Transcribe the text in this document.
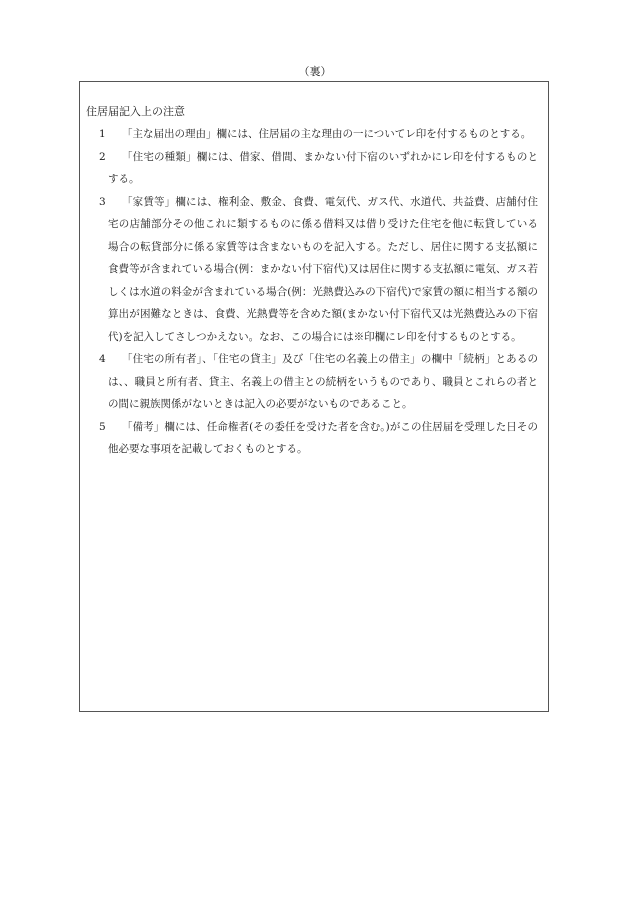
（裏）
住居届記入上の注意
1	「主な届出の理由」欄には、住居届の主な理由の一についてレ印を付するものとする。
2	「住宅の種類」欄には、借家、借間、まかない付下宿のいずれかにレ印を付するものとする。
3	「家賃等」欄には、権利金、敷金、食費、電気代、ガス代、水道代、共益費、店舗付住宅の店舗部分その他これに類するものに係る借料又は借り受けた住宅を他に転貸している場合の転貸部分に係る家賃等は含まないものを記入する。ただし、居住に関する支払額に食費等が含まれている場合(例：まかない付下宿代)又は居住に関する支払額に電気、ガス若しくは水道の料金が含まれている場合(例：光熱費込みの下宿代)で家賃の額に相当する額の算出が困難なときは、食費、光熱費等を含めた額(まかない付下宿代又は光熱費込みの下宿代)を記入してさしつかえない。なお、この場合には※印欄にレ印を付するものとする。
4	「住宅の所有者」、「住宅の貸主」及び「住宅の名義上の借主」の欄中「続柄」とあるのは、、職員と所有者、貸主、名義上の借主との続柄をいうものであり、職員とこれらの者との間に親族関係がないときは記入の必要がないものであること。
5	「備考」欄には、任命権者(その委任を受けた者を含む。)がこの住居届を受理した日その他必要な事項を記載しておくものとする。
